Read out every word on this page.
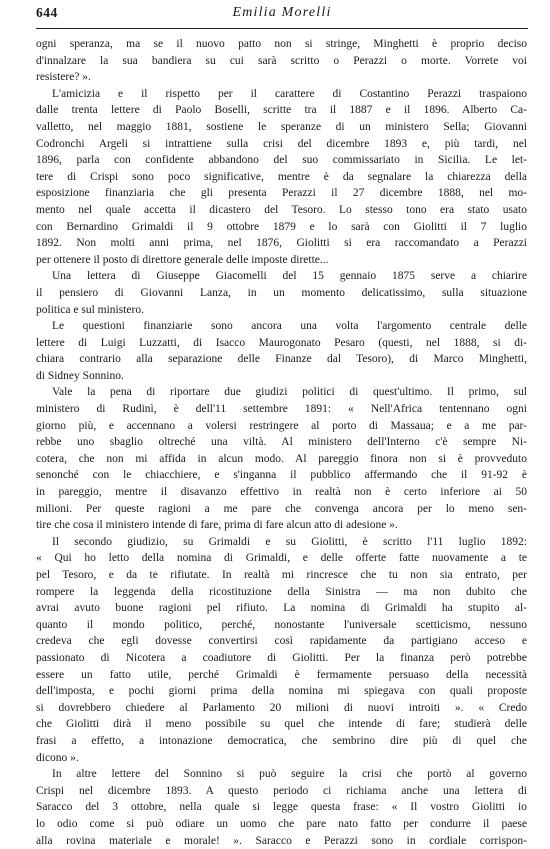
644	Emilia Morelli
ogni speranza, ma se il nuovo patto non si stringe, Minghetti è proprio deciso
d'innalzare la sua bandiera su cui sarà scritto o Perazzi o morte. Vorrete voi
resistere? ».
L'amicizia e il rispetto per il carattere di Costantino Perazzi traspaiono
dalle trenta lettere di Paolo Boselli, scritte tra il 1887 e il 1896. Alberto Ca-
valletto, nel maggio 1881, sostiene le speranze di un ministero Sella; Giovanni
Codronchi Argeli si intrattiene sulla crisi del dicembre 1893 e, più tardi, nel
1896, parla con confidente abbandono del suo commissariato in Sicilia. Le let-
tere di Crispi sono poco significative, mentre è da segnalare la chiarezza della
esposizione finanziaria che gli presenta Perazzi il 27 dicembre 1888, nel mo-
mento nel quale accetta il dicastero del Tesoro. Lo stesso tono era stato usato
con Bernardino Grimaldi il 9 ottobre 1879 e lo sarà con Giolitti il 7 luglio
1892. Non molti anni prima, nel 1876, Giolitti si era raccomandato a Perazzi
per ottenere il posto di direttore generale delle imposte dirette...
Una lettera di Giuseppe Giacomelli del 15 gennaio 1875 serve a chiarire
il pensiero di Giovanni Lanza, in un momento delicatissimo, sulla situazione
politica e sul ministero.
Le questioni finanziarie sono ancora una volta l'argomento centrale delle
lettere di Luigi Luzzatti, di Isacco Maurogonato Pesaro (questi, nel 1888, si di-
chiara contrario alla separazione delle Finanze dal Tesoro), di Marco Minghetti,
di Sidney Sonnino.
Vale la pena di riportare due giudizi politici di quest'ultimo. Il primo, sul
ministero di Rudinì, è dell'11 settembre 1891: « Nell'Africa tentennano ogni
giorno più, e accennano a volersi restringere al porto di Massaua; e a me par-
rebbe uno sbaglio oltreché una viltà. Al ministero dell'Interno c'è sempre Ni-
cotera, che non mi affida in alcun modo. Al pareggio finora non si è provveduto
senonché con le chiacchiere, e s'inganna il pubblico affermando che il 91-92 è
in pareggio, mentre il disavanzo effettivo in realtà non è certo inferiore ai 50
milioni. Per queste ragioni a me pare che convenga ancora per lo meno sen-
tire che cosa il ministero intende di fare, prima di fare alcun atto di adesione ».
Il secondo giudizio, su Grimaldi e su Giolitti, è scritto l'11 luglio 1892:
« Qui ho letto della nomina di Grimaldi, e delle offerte fatte nuovamente a te
pel Tesoro, e da te rifiutate. In realtà mi rincresce che tu non sia entrato, per
rompere la leggenda della ricostituzione della Sinistra — ma non dubito che
avrai avuto buone ragioni pel rifiuto. La nomina di Grimaldi ha stupito al-
quanto il mondo politico, perché, nonostante l'universale scetticismo, nessuno
credeva che egli dovesse convertirsi così rapidamente da partigiano acceso e
passionato di Nicotera a coadiutore di Giolitti. Per la finanza però potrebbe
essere un fatto utile, perché Grimaldi è fermamente persuaso della necessità
dell'imposta, e pochi giorni prima della nomina mi spiegava con quali proposte
si dovrebbero chiedere al Parlamento 20 milioni di nuovi introiti ». « Credo
che Giolitti dirà il meno possibile su quel che intende di fare; studierà delle
frasi a effetto, a intonazione democratica, che sembrino dire più di quel che
dicono ».
In altre lettere del Sonnino si può seguire la crisi che portò al governo
Crispi nel dicembre 1893. A questo periodo ci richiama anche una lettera di
Saracco del 3 ottobre, nella quale si legge questa frase: « Il vostro Giolitti io
lo odio come si può odiare un uomo che pare nato fatto per condurre il paese
alla rovina materiale e morale! ». Saracco e Perazzi sono in cordiale corrispon-
